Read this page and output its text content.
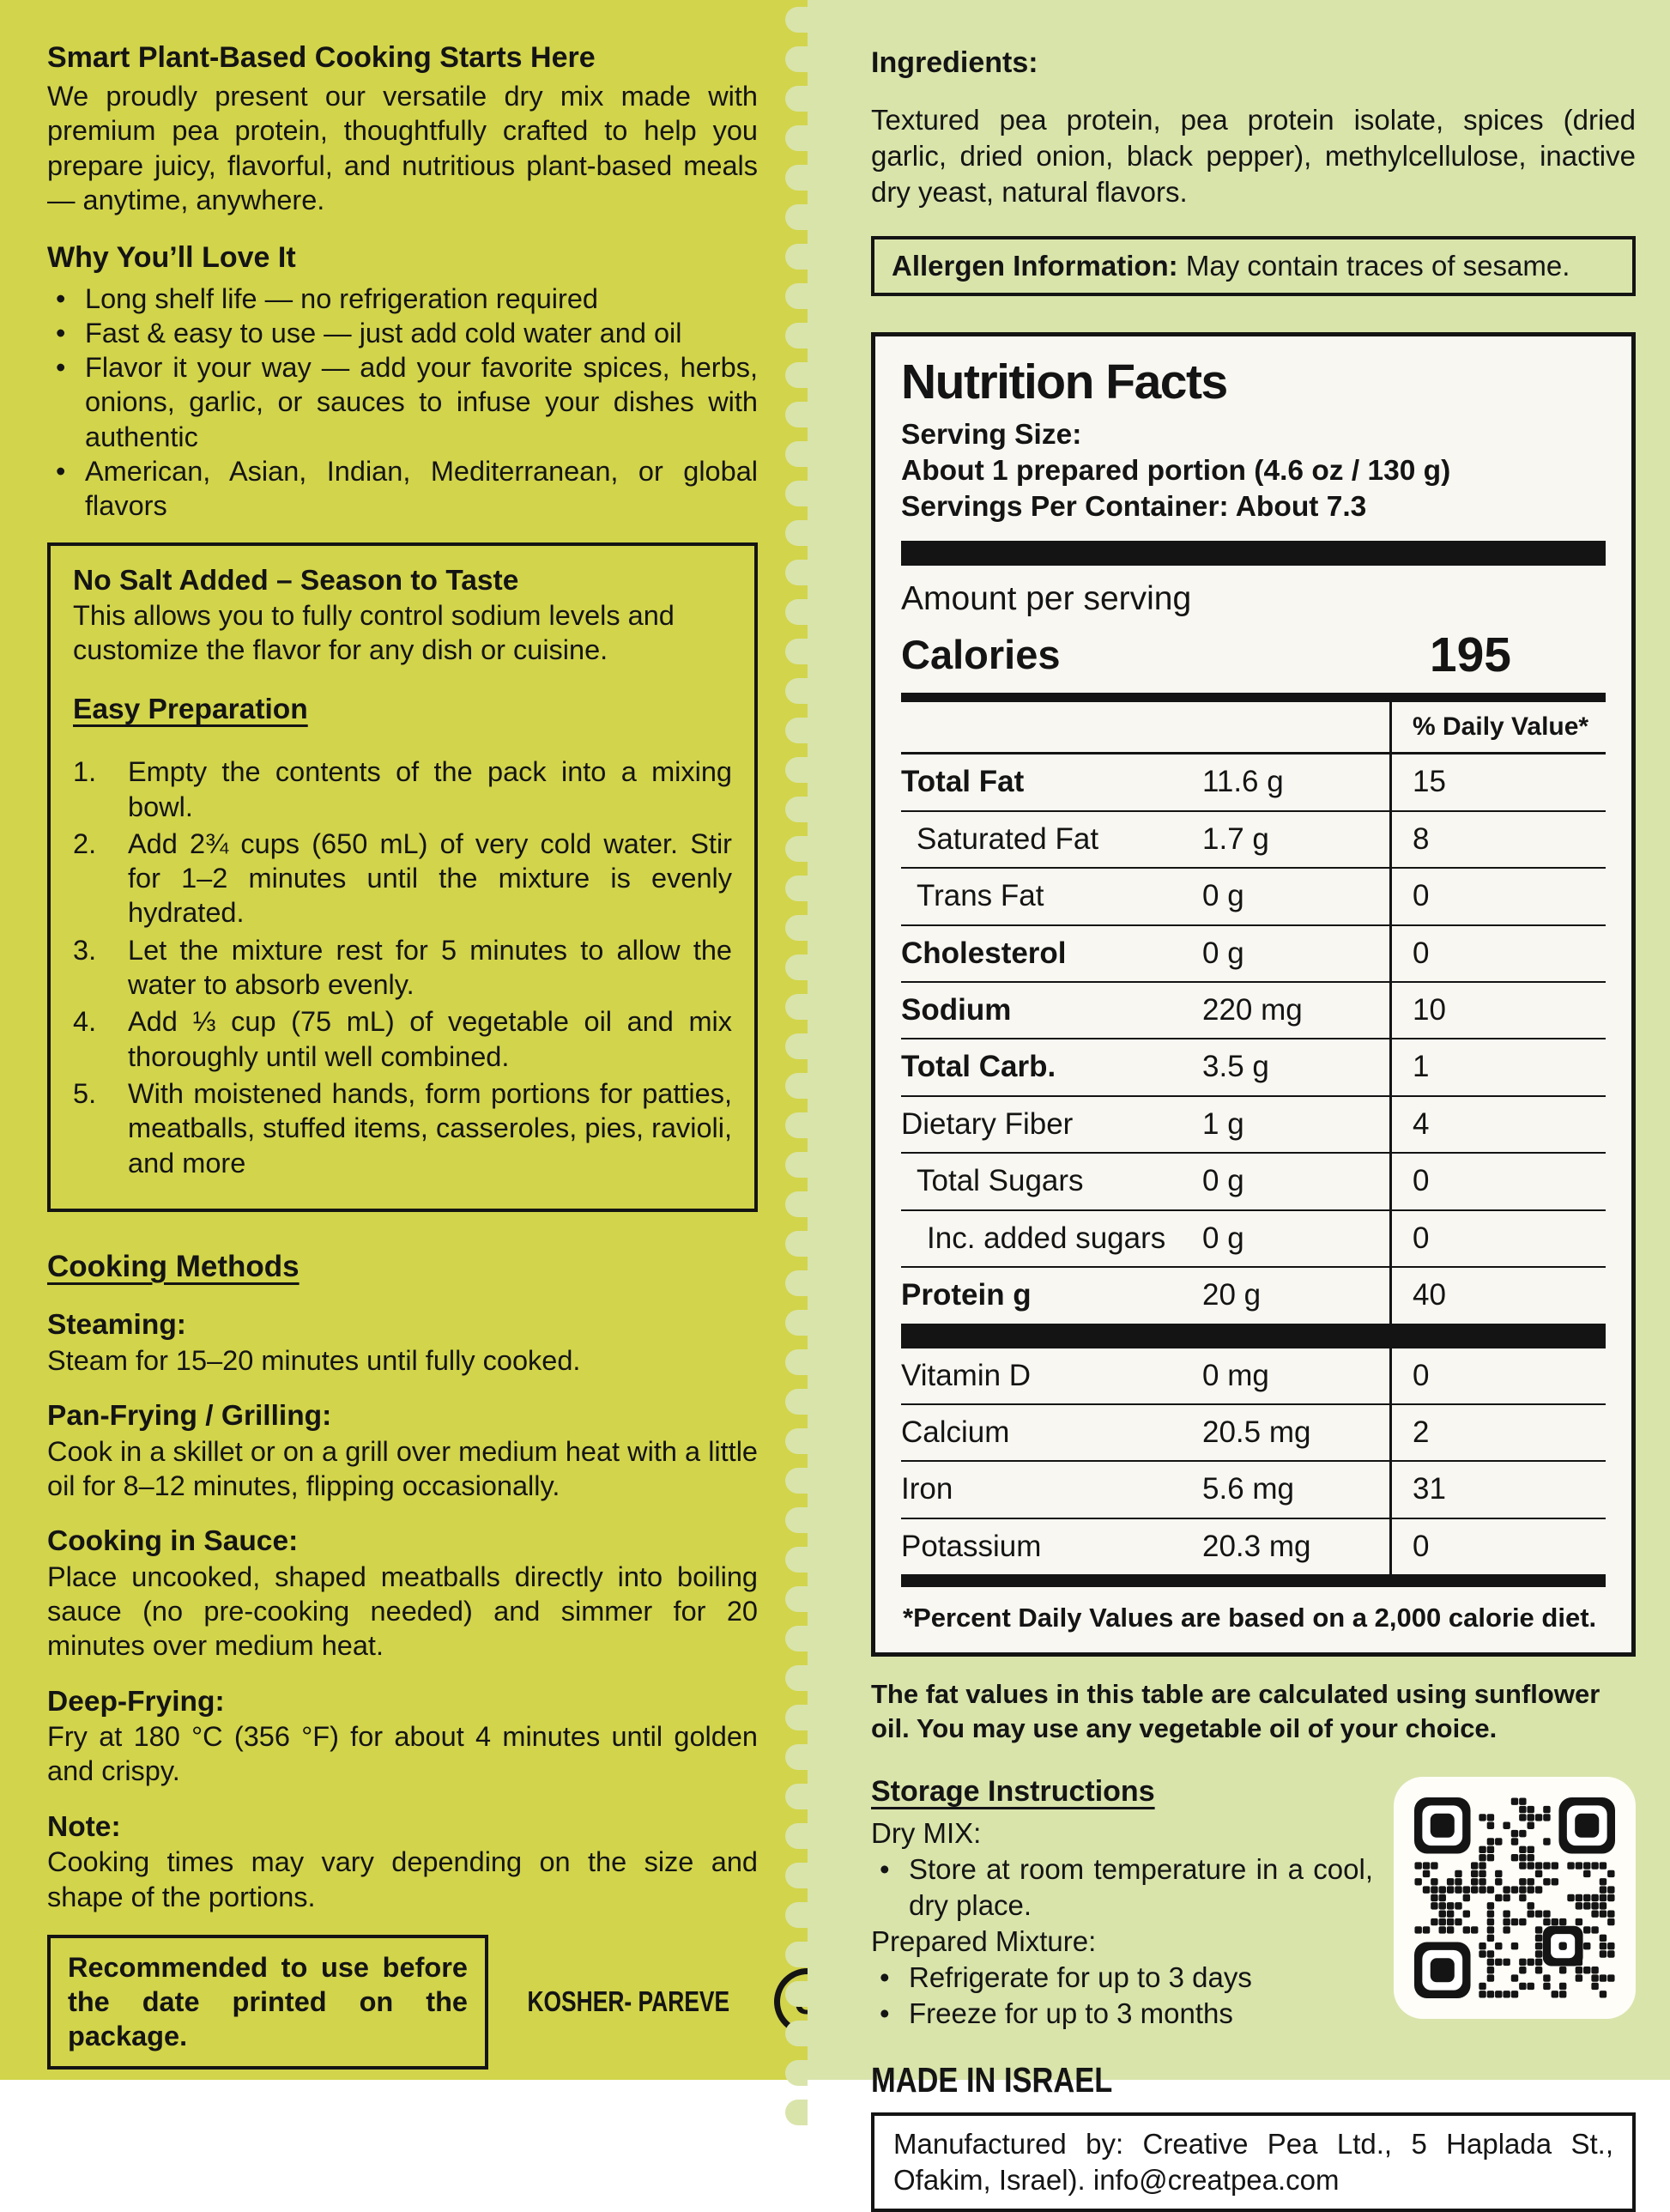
Smart Plant-Based Cooking Starts Here
We proudly present our versatile dry mix made with premium pea protein, thoughtfully crafted to help you prepare juicy, flavorful, and nutritious plant-based meals — anytime, anywhere.
Why You’ll Love It
• Long shelf life — no refrigeration required
• Fast & easy to use — just add cold water and oil
• Flavor it your way — add your favorite spices, herbs, onions, garlic, or sauces to infuse your dishes with authentic
• American, Asian, Indian, Mediterranean, or global flavors
No Salt Added – Season to Taste
This allows you to fully control sodium levels and customize the flavor for any dish or cuisine.
Easy Preparation
1.	Empty the contents of the pack into a mixing bowl.
2.	Add 2¾ cups (650 mL) of very cold water. Stir for 1–2 minutes until the mixture is evenly hydrated.
3.	Let the mixture rest for 5 minutes to allow the water to absorb evenly.
4.	Add ⅓ cup (75 mL) of vegetable oil and mix thoroughly until well combined.
5.	With moistened hands, form portions for patties, meatballs, stuffed items, casseroles, pies, ravioli, and more
Cooking Methods
Steaming:
Steam for 15–20 minutes until fully cooked.
Pan-Frying / Grilling:
Cook in a skillet or on a grill over medium heat with a little oil for 8–12 minutes, flipping occasionally.
Cooking in Sauce:
Place uncooked, shaped meatballs directly into boiling sauce (no pre-cooking needed) and simmer for 20 minutes over medium heat.
Deep-Frying:
Fry at 180 °C (356 °F) for about 4 minutes until golden and crispy.
Note:
Cooking times may vary depending on the size and shape of the portions.
Recommended to use before the date printed on the package.
KOSHER- PAREVE
Ingredients:
Textured pea protein, pea protein isolate, spices (dried garlic, dried onion, black pepper), methylcellulose, inactive dry yeast, natural flavors.
Allergen Information: May contain traces of sesame.
Nutrition Facts
Serving Size:
About 1 prepared portion (4.6 oz / 130 g)
Servings Per Container: About 7.3
Amount per serving
Calories	195
% Daily Value*
Total Fat	11.6 g	15
Saturated Fat	1.7 g	8
Trans Fat	0 g	0
Cholesterol	0 g	0
Sodium	220 mg	10
Total Carb.	3.5 g	1
Dietary Fiber	1 g	4
Total Sugars	0 g	0
Inc. added sugars	0 g	0
Protein g	20 g	40
Vitamin D	0 mg	0
Calcium	20.5 mg	2
Iron	5.6 mg	31
Potassium	20.3 mg	0
*Percent Daily Values are based on a 2,000 calorie diet.
The fat values in this table are calculated using sunflower oil. You may use any vegetable oil of your choice.
Storage Instructions
Dry MIX:
• Store at room temperature in a cool, dry place.
Prepared Mixture:
• Refrigerate for up to 3 days
• Freeze for up to 3 months
MADE IN ISRAEL
Manufactured by: Creative Pea Ltd., 5 Haplada St., Ofakim, Israel). info@creatpea.com
